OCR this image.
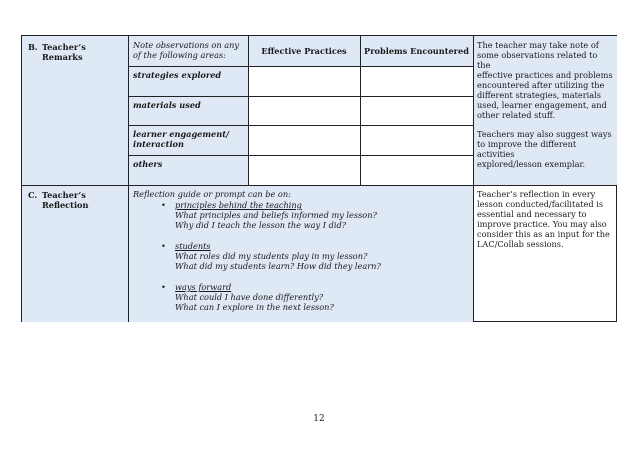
B. Teacher’s
Remarks
Note observations on any
of the following areas:	Effective Practices Problems Encountered
strategies explored
materials used
learner engagement/
interaction
others

The teacher may take note of
some observations related to the
effective practices and problems
encountered after utilizing the
different strategies, materials
used, learner engagement, and
other related stuff.

Teachers may also suggest ways
to improve the different activities
explored/lesson exemplar.

C. Teacher’s
Reflection
Reflection guide or prompt can be on:
• principles behind the teaching
What principles and beliefs informed my lesson?
Why did I teach the lesson the way I did?
• students
What roles did my students play in my lesson?
What did my students learn? How did they learn?
• ways forward
What could I have done differently?
What can I explore in the next lesson?
Teacher’s reflection in every
lesson conducted/facilitated is
essential and necessary to
improve practice. You may also
consider this as an input for the
LAC/Collab sessions.
12
